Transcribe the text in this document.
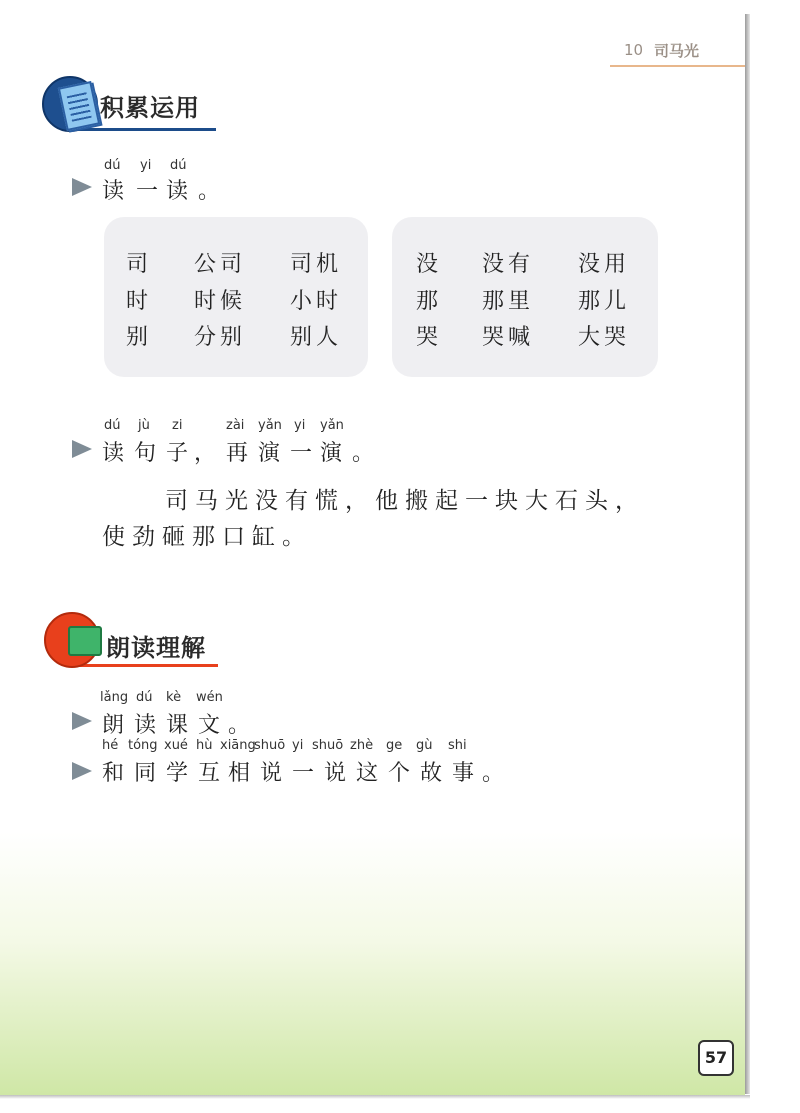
10 司马光
积累运用
dú yi dú
读 一 读 。
司 公司 司机
时 时候 小时
别 分别 别人
没 没有 没用
那 那里 那儿
哭 哭喊 大哭
dú jù zi	zài yǎn yi yǎn
读 句 子 ， 再 演 一 演 。
司马光没有慌，他搬起一块大石头，
使劲砸那口缸。
朗读理解
lǎng dú kè wén
朗 读 课 文 。
hé tóng xué hù xiāng
shuō yi shuō zhè ge gù shi
和 同 学 互 相 说 一 说 这 个 故 事 。
57
